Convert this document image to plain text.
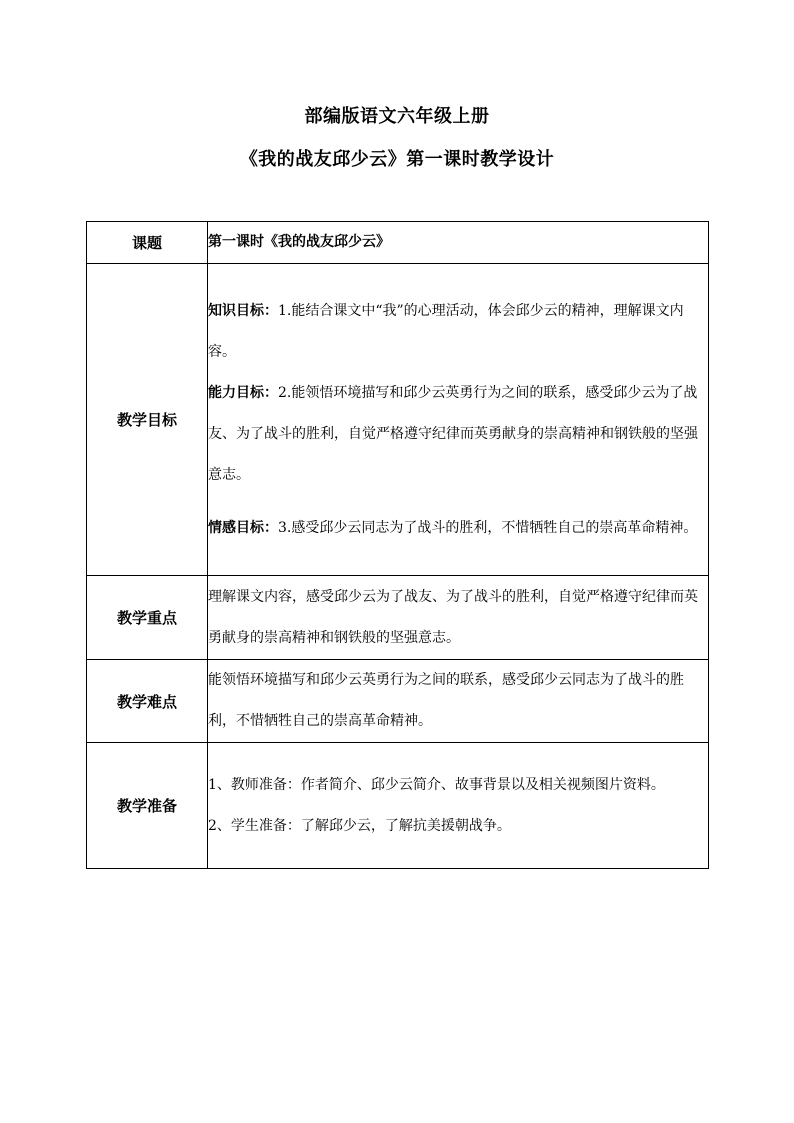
部编版语文六年级上册
《我的战友邱少云》第一课时教学设计
课题	第一课时《我的战友邱少云》
教学目标	知识目标：1.能结合课文中“我”的心理活动，体会邱少云的精神，理解课文内容。
能力目标：2.能领悟环境描写和邱少云英勇行为之间的联系，感受邱少云为了战友、为了战斗的胜利，自觉严格遵守纪律而英勇献身的崇高精神和钢铁般的坚强意志。
情感目标：3.感受邱少云同志为了战斗的胜利，不惜牺牲自己的崇高革命精神。

教学重点	理解课文内容，感受邱少云为了战友、为了战斗的胜利，自觉严格遵守纪律而英勇献身的崇高精神和钢铁般的坚强意志。
教学难点	能领悟环境描写和邱少云英勇行为之间的联系，感受邱少云同志为了战斗的胜利，不惜牺牲自己的崇高革命精神。
教学准备	1、教师准备：作者简介、邱少云简介、故事背景以及相关视频图片资料。
2、学生准备：了解邱少云，了解抗美援朝战争。
